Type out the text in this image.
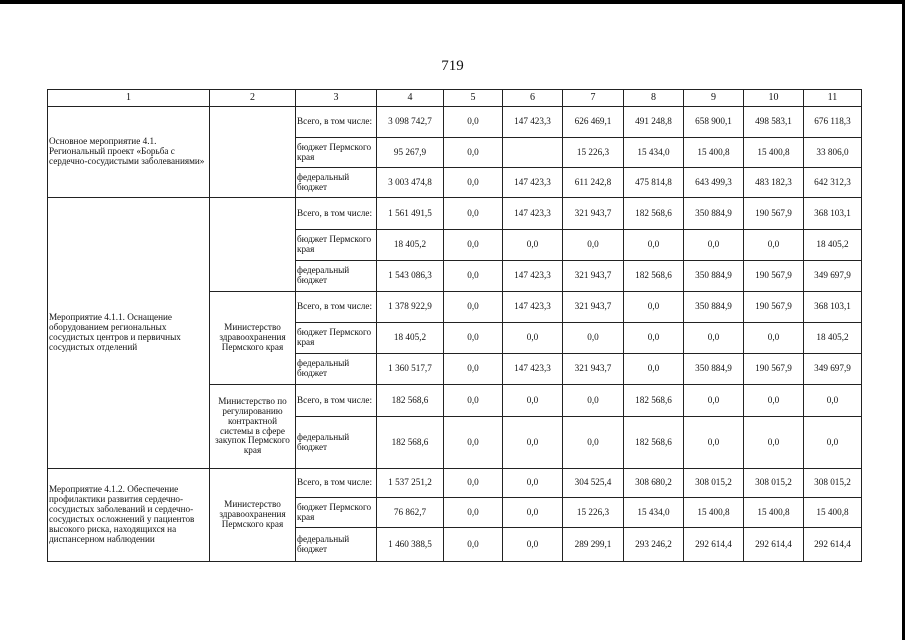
719
1	2	3	4	5	6	7	8	9	10	11
Основное мероприятие 4.1. Региональный проект «Борьба с сердечно-сосудистыми заболеваниями»		Всего, в том числе:	3 098 742,7	0,0	147 423,3	626 469,1	491 248,8	658 900,1	498 583,1	676 118,3
		бюджет Пермского края	95 267,9	0,0		15 226,3	15 434,0	15 400,8	15 400,8	33 806,0
		федеральный бюджет	3 003 474,8	0,0	147 423,3	611 242,8	475 814,8	643 499,3	483 182,3	642 312,3
Мероприятие 4.1.1. Оснащение оборудованием региональных сосудистых центров и первичных сосудистых отделений		Всего, в том числе:	1 561 491,5	0,0	147 423,3	321 943,7	182 568,6	350 884,9	190 567,9	368 103,1
		бюджет Пермского края	18 405,2	0,0	0,0	0,0	0,0	0,0	0,0	18 405,2
		федеральный бюджет	1 543 086,3	0,0	147 423,3	321 943,7	182 568,6	350 884,9	190 567,9	349 697,9
	Министерство здравоохранения Пермского края	Всего, в том числе:	1 378 922,9	0,0	147 423,3	321 943,7	0,0	350 884,9	190 567,9	368 103,1
		бюджет Пермского края	18 405,2	0,0	0,0	0,0	0,0	0,0	0,0	18 405,2
		федеральный бюджет	1 360 517,7	0,0	147 423,3	321 943,7	0,0	350 884,9	190 567,9	349 697,9
	Министерство по регулированию контрактной системы в сфере закупок Пермского края	Всего, в том числе:	182 568,6	0,0	0,0	0,0	182 568,6	0,0	0,0	0,0
		федеральный бюджет	182 568,6	0,0	0,0	0,0	182 568,6	0,0	0,0	0,0
Мероприятие 4.1.2. Обеспечение профилактики развития сердечно-сосудистых заболеваний и сердечно-сосудистых осложнений у пациентов высокого риска, находящихся на диспансерном наблюдении	Министерство здравоохранения Пермского края	Всего, в том числе:	1 537 251,2	0,0	0,0	304 525,4	308 680,2	308 015,2	308 015,2	308 015,2
		бюджет Пермского края	76 862,7	0,0	0,0	15 226,3	15 434,0	15 400,8	15 400,8	15 400,8
		федеральный бюджет	1 460 388,5	0,0	0,0	289 299,1	293 246,2	292 614,4	292 614,4	292 614,4
